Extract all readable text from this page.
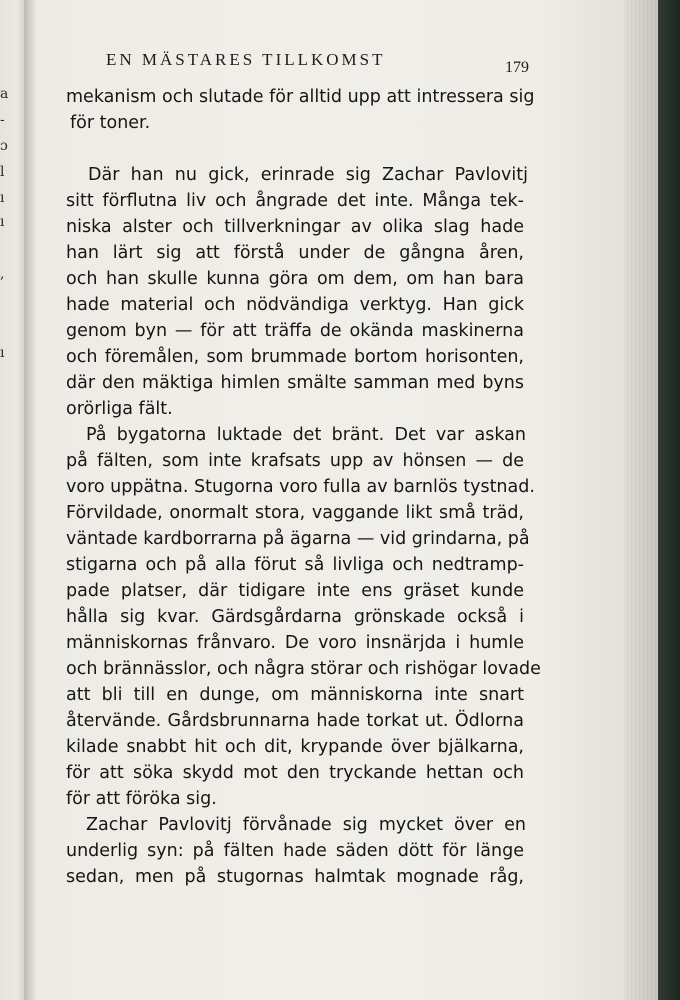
a
-
ɔ
l
ı
ı
,
ı
EN MÄSTARES TILLKOMST	179
mekanism och slutade för alltid upp att intressera sig
för toner.
Där han nu gick, erinrade sig Zachar Pavlovitj
sitt förflutna liv och ångrade det inte. Många tek-
niska alster och tillverkningar av olika slag hade
han lärt sig att förstå under de gångna åren,
och han skulle kunna göra om dem, om han bara
hade material och nödvändiga verktyg. Han gick
genom byn — för att träffa de okända maskinerna
och föremålen, som brummade bortom horisonten,
där den mäktiga himlen smälte samman med byns
orörliga fält.
På bygatorna luktade det bränt. Det var askan
på fälten, som inte krafsats upp av hönsen — de
voro uppätna. Stugorna voro fulla av barnlös tystnad.
Förvildade, onormalt stora, vaggande likt små träd,
väntade kardborrarna på ägarna — vid grindarna, på
stigarna och på alla förut så livliga och nedtramp-
pade platser, där tidigare inte ens gräset kunde
hålla sig kvar. Gärdsgårdarna grönskade också i
människornas frånvaro. De voro insnärjda i humle
och brännässlor, och några störar och rishögar lovade
att bli till en dunge, om människorna inte snart
återvände. Gårdsbrunnarna hade torkat ut. Ödlorna
kilade snabbt hit och dit, krypande över bjälkarna,
för att söka skydd mot den tryckande hettan och
för att föröka sig.
Zachar Pavlovitj förvånade sig mycket över en
underlig syn: på fälten hade säden dött för länge
sedan, men på stugornas halmtak mognade råg,
